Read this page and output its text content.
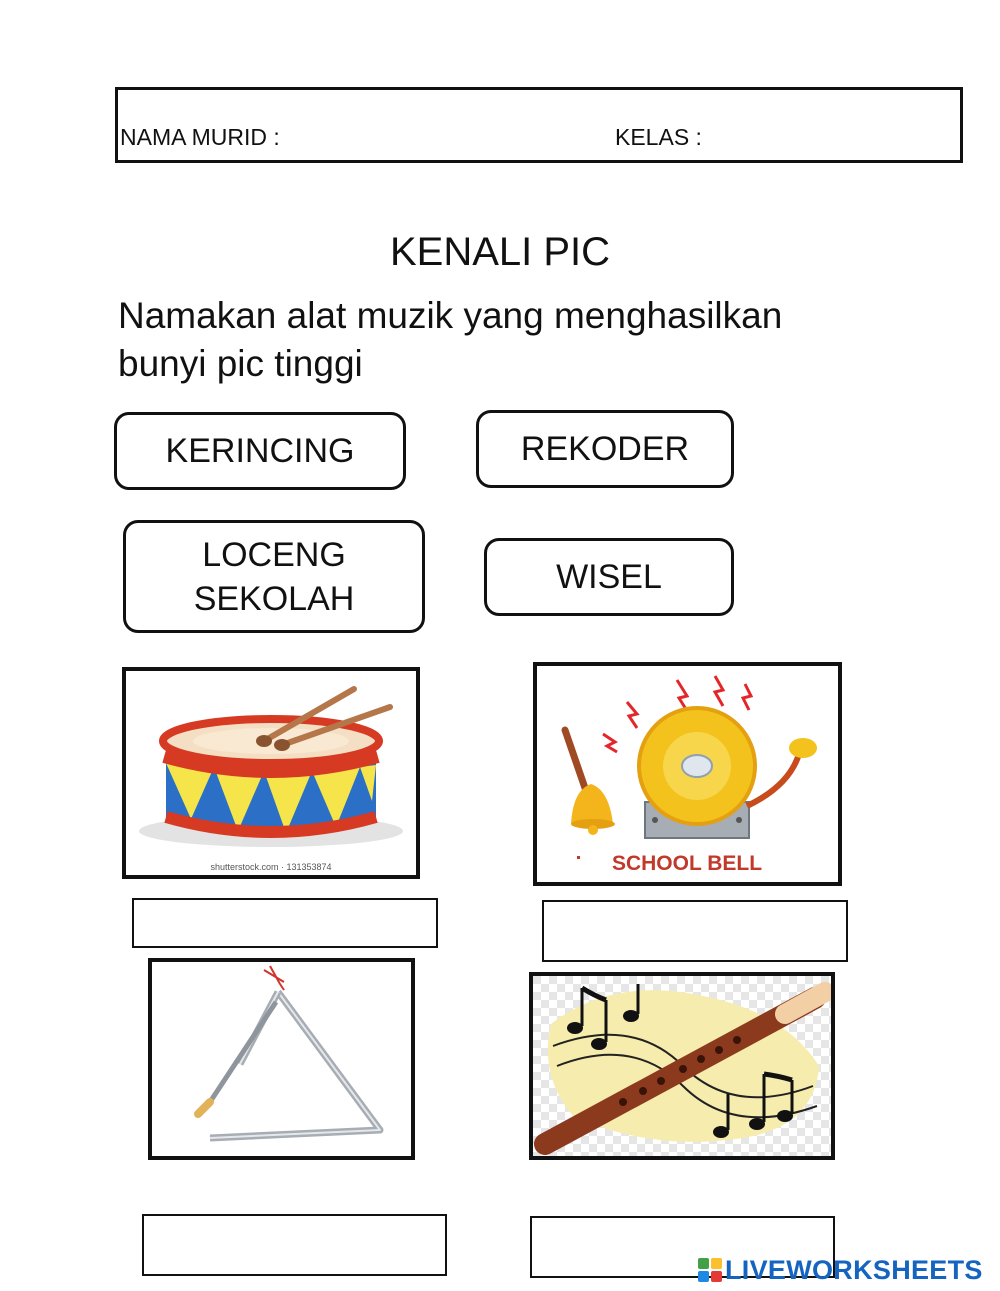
NAMA MURID :	KELAS :
KENALI PIC
Namakan alat muzik yang menghasilkan bunyi pic tinggi
KERINCING	REKODER
LOCENG SEKOLAH
WISEL
shutterstock.com · 131353874	SCHOOL BELL
LIVEWORKSHEETS
